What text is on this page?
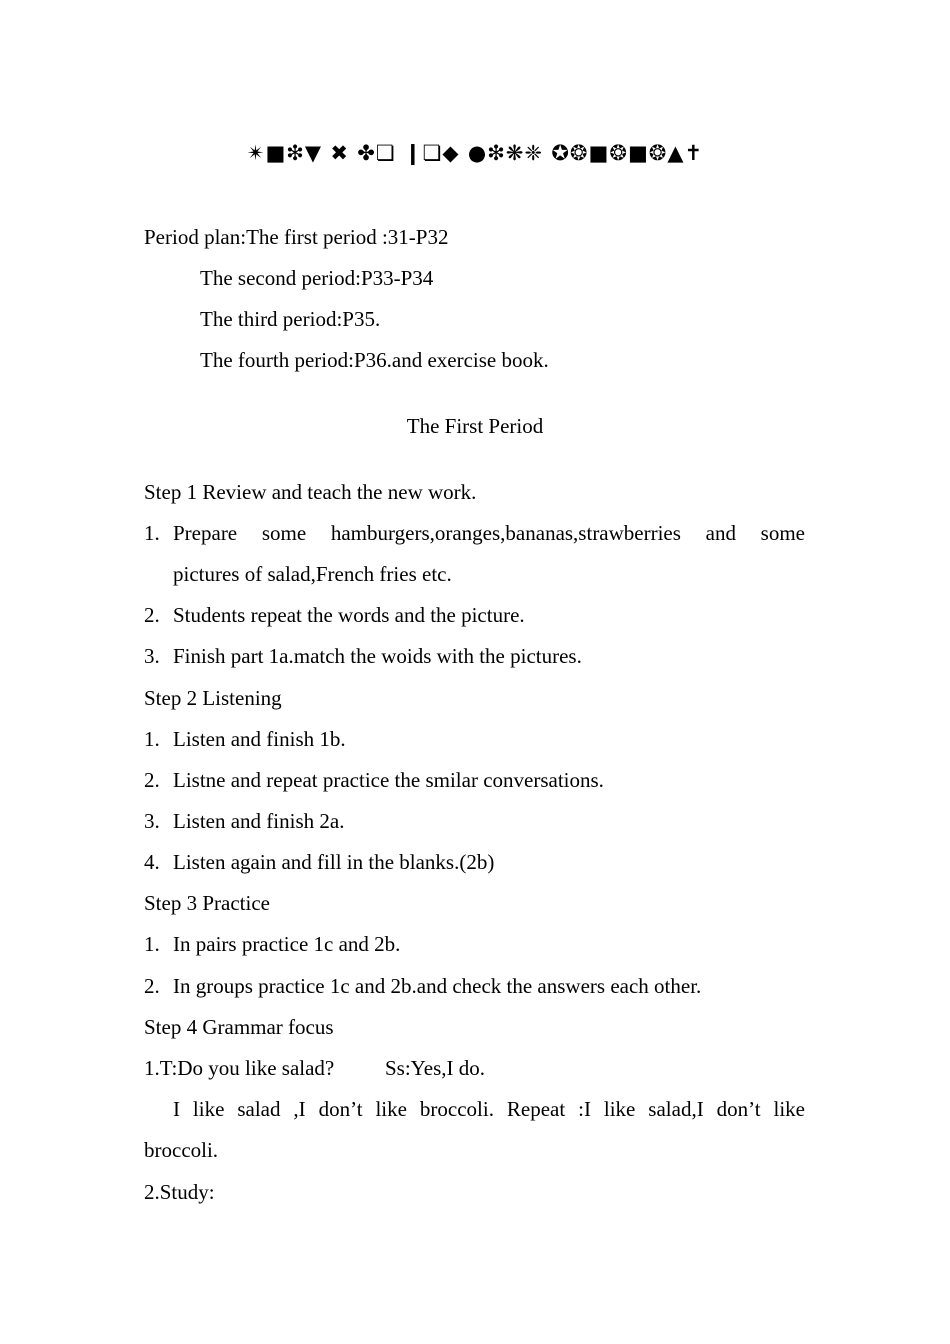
✴■❇▼ ✖ ✤❏ ❙❏◆ ●❇❋❈ ✪❂■❂■❂▲✝
Period plan:The first period :31-P32
The second period:P33-P34
The third period:P35.
The fourth period:P36.and exercise book.
The First Period
Step 1 Review and teach the new work.
1. Prepare some hamburgers,oranges,bananas,strawberries and some
pictures of salad,French fries etc.
2. Students repeat the words and the picture.
3. Finish part 1a.match the woids with the pictures.
Step 2 Listening
1. Listen and finish 1b.
2. Listne and repeat practice the smilar conversations.
3. Listen and finish 2a.
4. Listen again and fill in the blanks.(2b)
Step 3 Practice
1. In pairs practice 1c and 2b.
2. In groups practice 1c and 2b.and check the answers each other.
Step 4 Grammar focus
1.T:Do you like salad? Ss:Yes,I do.
I like salad ,I don’t like broccoli. Repeat :I like salad,I don’t like
broccoli.
2.Study:
